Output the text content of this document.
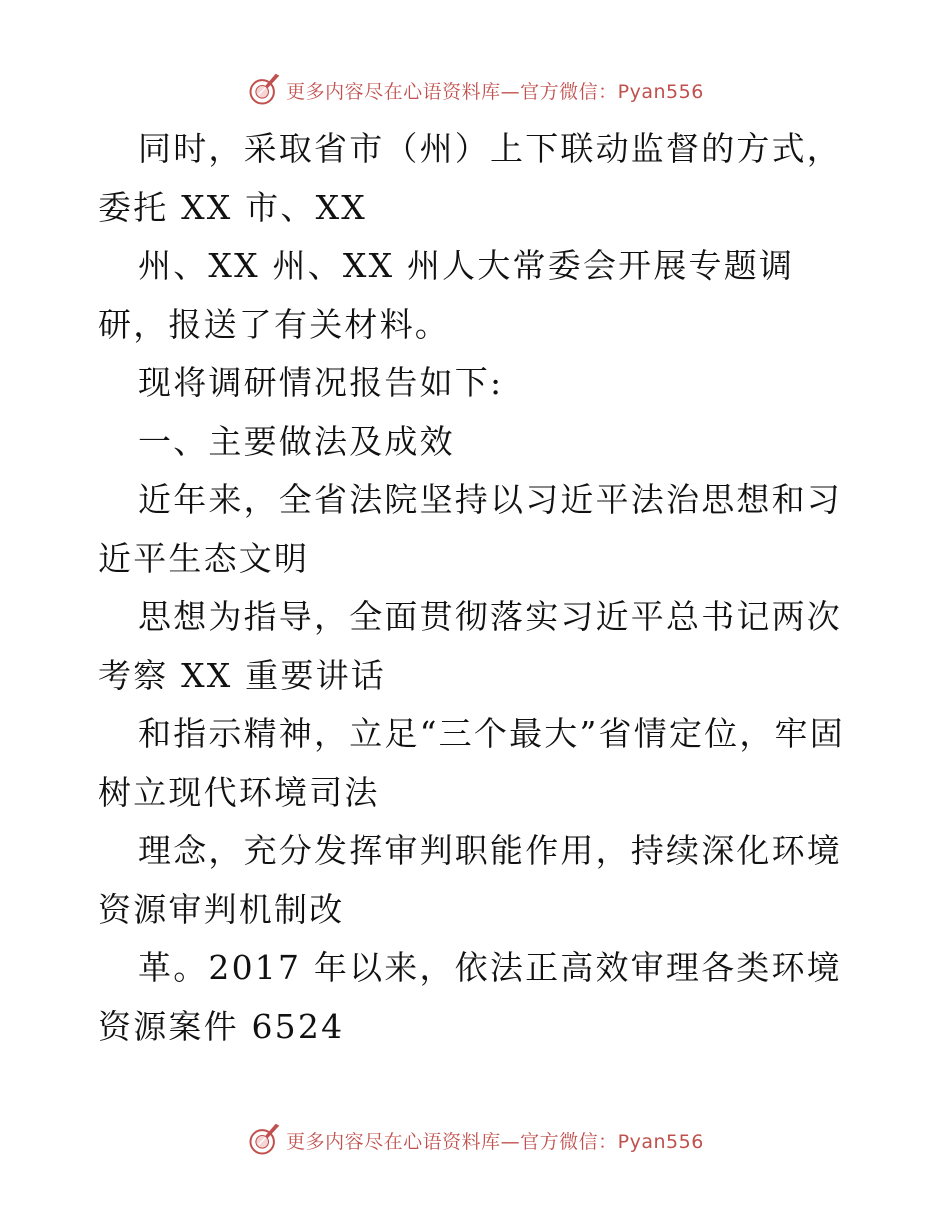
更多内容尽在心语资料库—官方微信：Pyan556

同时，采取省市（州）上下联动监督的方式，委托 XX 市、XX

州、XX 州、XX 州人大常委会开展专题调研，报送了有关材料。

现将调研情况报告如下:

一、主要做法及成效

近年来，全省法院坚持以习近平法治思想和习近平生态文明

思想为指导，全面贯彻落实习近平总书记两次考察 XX 重要讲话

和指示精神，立足“三个最大”省情定位，牢固树立现代环境司法

理念，充分发挥审判职能作用，持续深化环境资源审判机制改

革。2017 年以来，依法正高效审理各类环境资源案件 6524

更多内容尽在心语资料库—官方微信：Pyan556
